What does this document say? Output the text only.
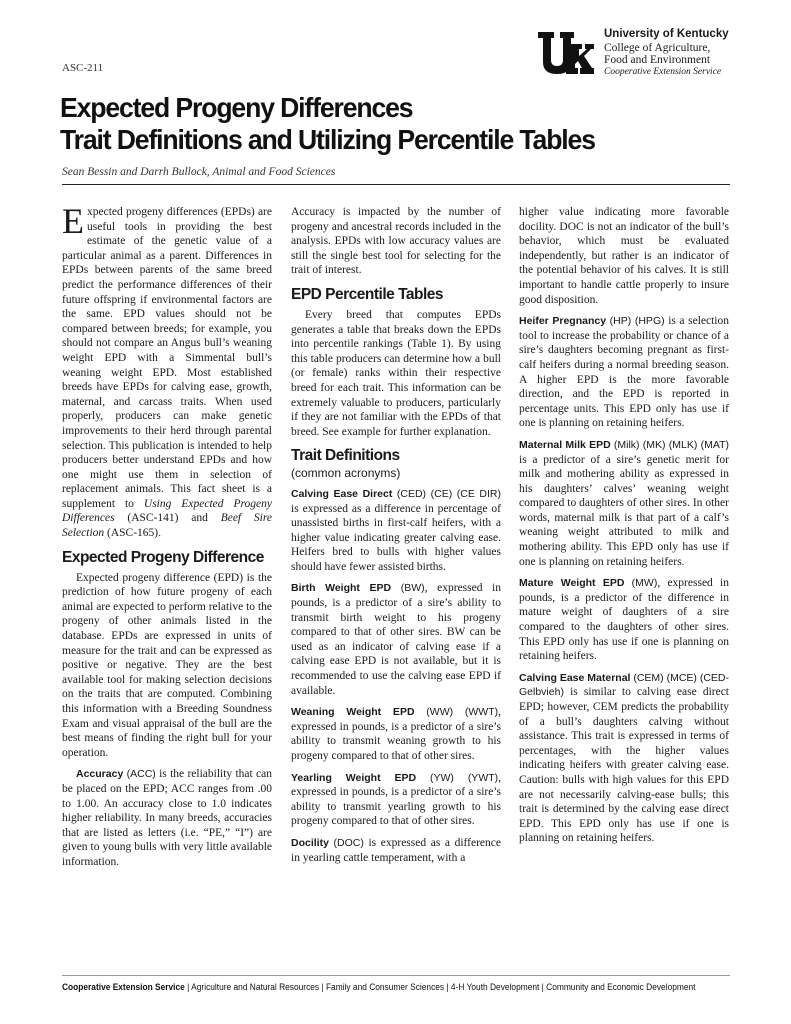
ASC-211
University of Kentucky
College of Agriculture, Food and Environment
Cooperative Extension Service
Expected Progeny Differences
Trait Definitions and Utilizing Percentile Tables
Sean Bessin and Darrh Bullock, Animal and Food Sciences

Expected progeny differences (EPDs) are useful tools in providing the best estimate of the genetic value of a particular animal as a parent. Differences in EPDs between parents of the same breed predict the performance differences of their future offspring if environmental factors are the same. EPD values should not be compared between breeds; for example, you should not compare an Angus bull’s weaning weight EPD with a Simmental bull’s weaning weight EPD. Most established breeds have EPDs for calving ease, growth, maternal, and carcass traits. When used properly, producers can make genetic improvements to their herd through parental selection. This publication is intended to help producers better understand EPDs and how one might use them in selection of replacement animals. This fact sheet is a supplement to Using Expected Progeny Differences (ASC-141) and Beef Sire Selection (ASC-165).

Expected Progeny Difference

Expected progeny difference (EPD) is the prediction of how future progeny of each animal are expected to perform relative to the progeny of other animals listed in the database. EPDs are expressed in units of measure for the trait and can be expressed as positive or negative. They are the best available tool for making selection decisions on the traits that are computed. Combining this information with a Breeding Soundness Exam and visual appraisal of the bull are the best means of finding the right bull for your operation.

Accuracy (ACC) is the reliability that can be placed on the EPD; ACC ranges from .00 to 1.00. An accuracy close to 1.0 indicates higher reliability. In many breeds, accuracies that are listed as letters (i.e. “PE,” “I”) are given to young bulls with very little available information.

Accuracy is impacted by the number of progeny and ancestral records included in the analysis. EPDs with low accuracy values are still the single best tool for selecting for the trait of interest.

EPD Percentile Tables

Every breed that computes EPDs generates a table that breaks down the EPDs into percentile rankings (Table 1). By using this table producers can determine how a bull (or female) ranks within their respective breed for each trait. This information can be extremely valuable to producers, particularly if they are not familiar with the EPDs of that breed. See example for further explanation.

Trait Definitions
(common acronyms)

Calving Ease Direct (CED) (CE) (CE DIR) is expressed as a difference in percentage of unassisted births in first-calf heifers, with a higher value indicating greater calving ease. Heifers bred to bulls with higher values should have fewer assisted births.

Birth Weight EPD (BW), expressed in pounds, is a predictor of a sire’s ability to transmit birth weight to his progeny compared to that of other sires. BW can be used as an indicator of calving ease if a calving ease EPD is not available, but it is recommended to use the calving ease EPD if available.

Weaning Weight EPD (WW) (WWT), expressed in pounds, is a predictor of a sire’s ability to transmit weaning growth to his progeny compared to that of other sires.

Yearling Weight EPD (YW) (YWT), expressed in pounds, is a predictor of a sire’s ability to transmit yearling growth to his progeny compared to that of other sires.

Docility (DOC) is expressed as a difference in yearling cattle temperament, with a

higher value indicating more favorable docility. DOC is not an indicator of the bull’s behavior, which must be evaluated independently, but rather is an indicator of the potential behavior of his calves. It is still important to handle cattle properly to insure good disposition.

Heifer Pregnancy (HP) (HPG) is a selection tool to increase the probability or chance of a sire’s daughters becoming pregnant as first-calf heifers during a normal breeding season. A higher EPD is the more favorable direction, and the EPD is reported in percentage units. This EPD only has use if one is planning on retaining heifers.

Maternal Milk EPD (Milk) (MK) (MLK) (MAT) is a predictor of a sire’s genetic merit for milk and mothering ability as expressed in his daughters’ calves’ weaning weight compared to daughters of other sires. In other words, maternal milk is that part of a calf’s weaning weight attributed to milk and mothering ability. This EPD only has use if one is planning on retaining heifers.

Mature Weight EPD (MW), expressed in pounds, is a predictor of the difference in mature weight of daughters of a sire compared to the daughters of other sires. This EPD only has use if one is planning on retaining heifers.

Calving Ease Maternal (CEM) (MCE) (CED-Gelbvieh) is similar to calving ease direct EPD; however, CEM predicts the probability of a bull’s daughters calving without assistance. This trait is expressed in terms of percentages, with the higher values indicating heifers with greater calving ease. Caution: bulls with high values for this EPD are not necessarily calving-ease bulls; this trait is determined by the calving ease direct EPD. This EPD only has use if one is planning on retaining heifers.

Cooperative Extension Service | Agriculture and Natural Resources | Family and Consumer Sciences | 4-H Youth Development | Community and Economic Development
